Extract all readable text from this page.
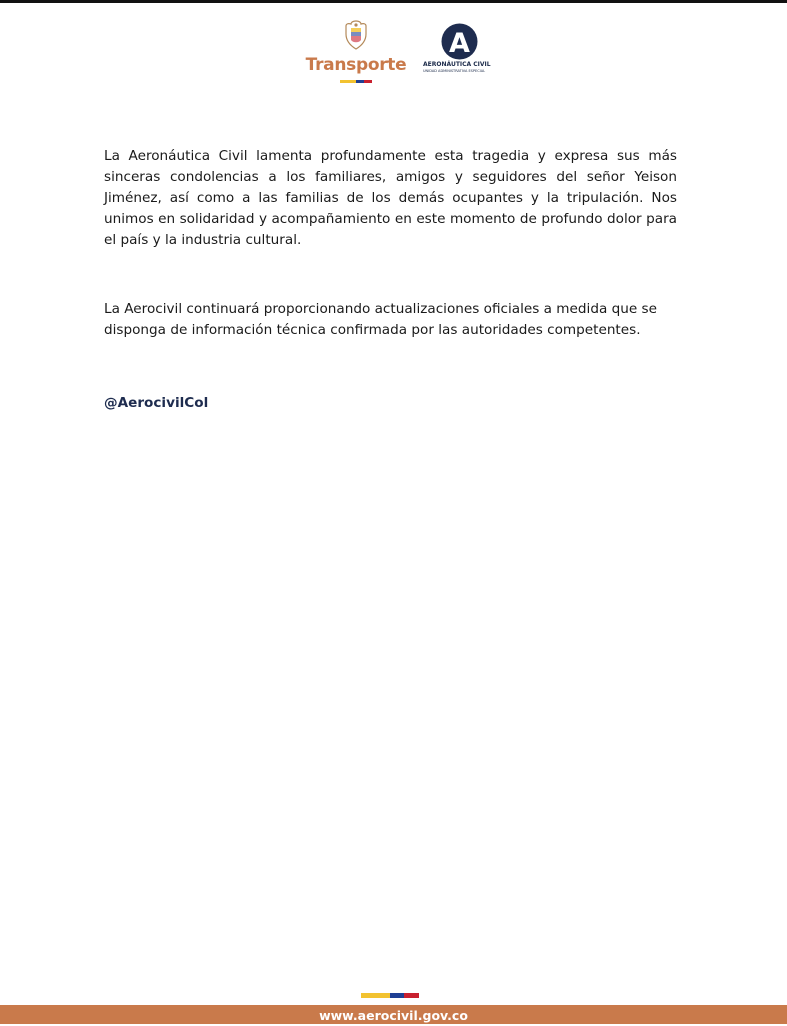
Transporte
A
AERONÁUTICA CIVIL
UNIDAD ADMINISTRATIVA ESPECIAL

La Aeronáutica Civil lamenta profundamente esta tragedia y expresa sus más sinceras condolencias a los familiares, amigos y seguidores del señor Yeison Jiménez, así como a las familias de los demás ocupantes y la tripulación. Nos unimos en solidaridad y acompañamiento en este momento de profundo dolor para el país y la industria cultural.

La Aerocivil continuará proporcionando actualizaciones oficiales a medida que se disponga de información técnica confirmada por las autoridades competentes.

@AerocivilCol

www.aerocivil.gov.co
